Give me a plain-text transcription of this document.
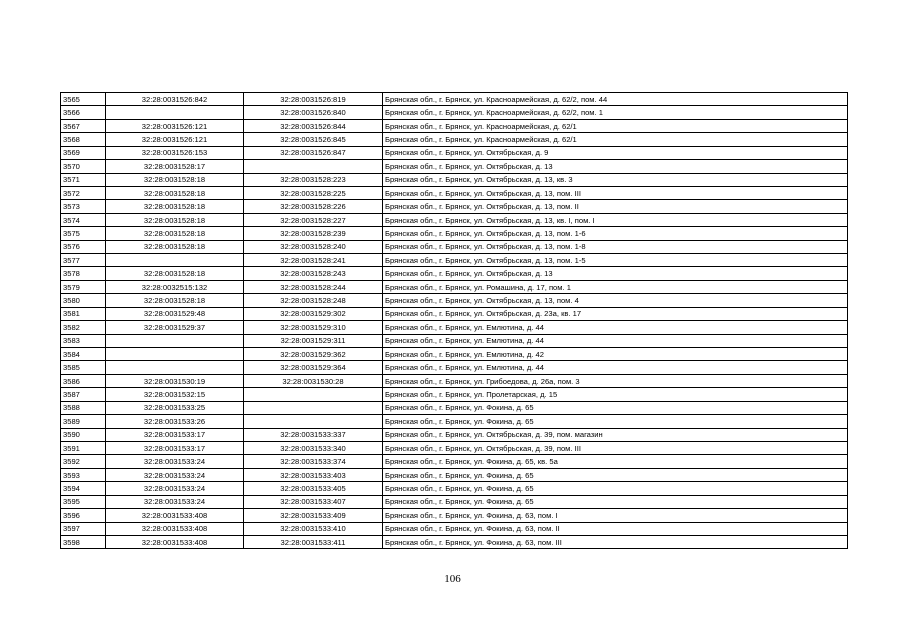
3565	32:28:0031526:842	32:28:0031526:819	Брянская обл., г. Брянск, ул. Красноармейская, д. 62/2, пом. 44
3566		32:28:0031526:840	Брянская обл., г. Брянск, ул. Красноармейская, д. 62/2, пом. 1
3567	32:28:0031526:121	32:28:0031526:844	Брянская обл., г. Брянск, ул. Красноармейская, д. 62/1
3568	32:28:0031526:121	32:28:0031526:845	Брянская обл., г. Брянск, ул. Красноармейская, д. 62/1
3569	32:28:0031526:153	32:28:0031526:847	Брянская обл., г. Брянск, ул. Октябрьская, д. 9
3570	32:28:0031528:17		Брянская обл., г. Брянск, ул. Октябрьская, д. 13
3571	32:28:0031528:18	32:28:0031528:223	Брянская обл., г. Брянск, ул. Октябрьская, д. 13, кв. 3
3572	32:28:0031528:18	32:28:0031528:225	Брянская обл., г. Брянск, ул. Октябрьская, д. 13, пом. III
3573	32:28:0031528:18	32:28:0031528:226	Брянская обл., г. Брянск, ул. Октябрьская, д. 13, пом. II
3574	32:28:0031528:18	32:28:0031528:227	Брянская обл., г. Брянск, ул. Октябрьская, д. 13, кв. I, пом. I
3575	32:28:0031528:18	32:28:0031528:239	Брянская обл., г. Брянск, ул. Октябрьская, д. 13, пом. 1-6
3576	32:28:0031528:18	32:28:0031528:240	Брянская обл., г. Брянск, ул. Октябрьская, д. 13, пом. 1-8
3577		32:28:0031528:241	Брянская обл., г. Брянск, ул. Октябрьская, д. 13, пом. 1-5
3578	32:28:0031528:18	32:28:0031528:243	Брянская обл., г. Брянск, ул. Октябрьская, д. 13
3579	32:28:0032515:132	32:28:0031528:244	Брянская обл., г. Брянск, ул. Ромашина, д. 17, пом. 1
3580	32:28:0031528:18	32:28:0031528:248	Брянская обл., г. Брянск, ул. Октябрьская, д. 13, пом. 4
3581	32:28:0031529:48	32:28:0031529:302	Брянская обл., г. Брянск, ул. Октябрьская, д. 23а, кв. 17
3582	32:28:0031529:37	32:28:0031529:310	Брянская обл., г. Брянск, ул. Емлютина, д. 44
3583		32:28:0031529:311	Брянская обл., г. Брянск, ул. Емлютина, д. 44
3584		32:28:0031529:362	Брянская обл., г. Брянск, ул. Емлютина, д. 42
3585		32:28:0031529:364	Брянская обл., г. Брянск, ул. Емлютина, д. 44
3586	32:28:0031530:19	32:28:0031530:28	Брянская обл., г. Брянск, ул. Грибоедова, д. 26а, пом. 3
3587	32:28:0031532:15		Брянская обл., г. Брянск, ул. Пролетарская, д. 15
3588	32:28:0031533:25		Брянская обл., г. Брянск, ул. Фокина, д. 65
3589	32:28:0031533:26		Брянская обл., г. Брянск, ул. Фокина, д. 65
3590	32:28:0031533:17	32:28:0031533:337	Брянская обл., г. Брянск, ул. Октябрьская, д. 39, пом. магазин
3591	32:28:0031533:17	32:28:0031533:340	Брянская обл., г. Брянск, ул. Октябрьская, д. 39, пом. III
3592	32:28:0031533:24	32:28:0031533:374	Брянская обл., г. Брянск, ул. Фокина, д. 65, кв. 5а
3593	32:28:0031533:24	32:28:0031533:403	Брянская обл., г. Брянск, ул. Фокина, д. 65
3594	32:28:0031533:24	32:28:0031533:405	Брянская обл., г. Брянск, ул. Фокина, д. 65
3595	32:28:0031533:24	32:28:0031533:407	Брянская обл., г. Брянск, ул. Фокина, д. 65
3596	32:28:0031533:408	32:28:0031533:409	Брянская обл., г. Брянск, ул. Фокина, д. 63, пом. I
3597	32:28:0031533:408	32:28:0031533:410	Брянская обл., г. Брянск, ул. Фокина, д. 63, пом. II
3598	32:28:0031533:408	32:28:0031533:411	Брянская обл., г. Брянск, ул. Фокина, д. 63, пом. III
106
